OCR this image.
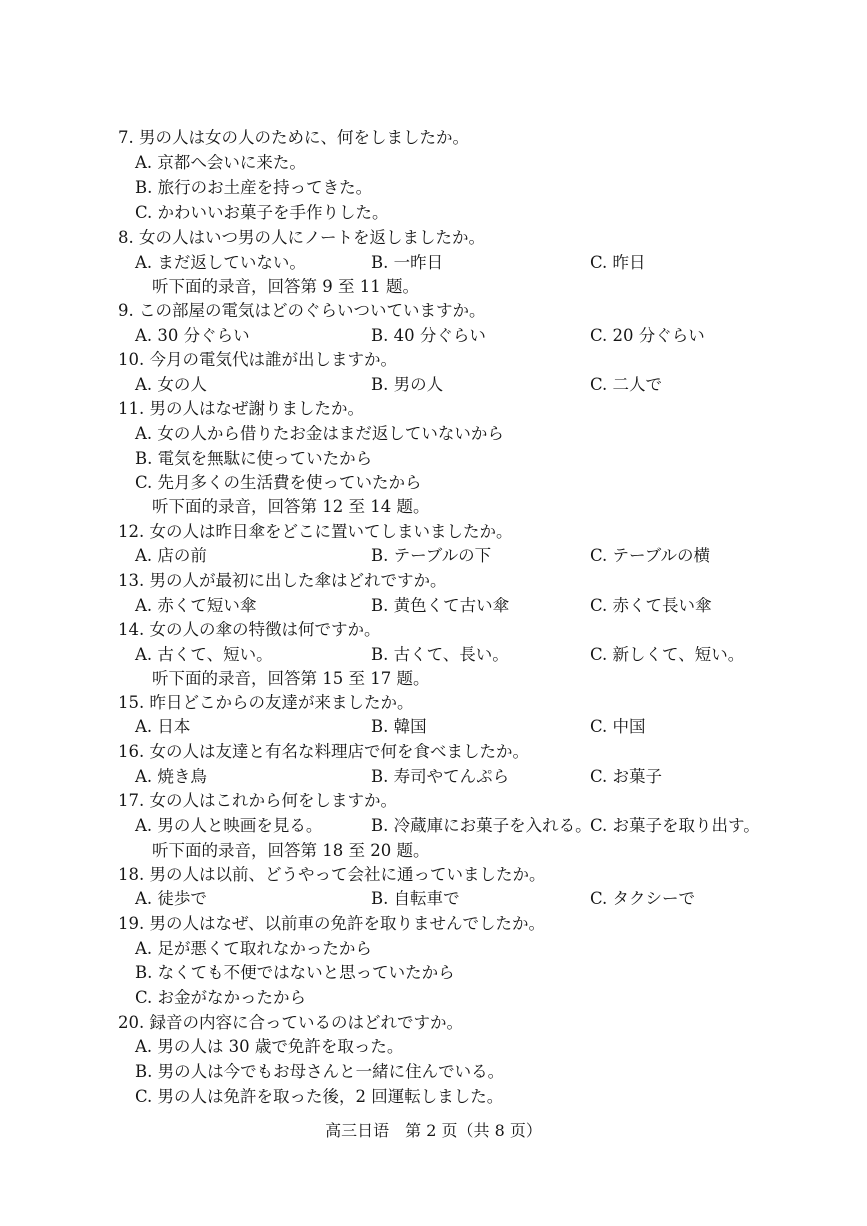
7. 男の人は女の人のために、何をしましたか。
A. 京都へ会いに来た。
B. 旅行のお土産を持ってきた。
C. かわいいお菓子を手作りした。
8. 女の人はいつ男の人にノートを返しましたか。
A. まだ返していない。	B. 一昨日	C. 昨日
听下面的录音，回答第 9 至 11 题。
9. この部屋の電気はどのぐらいついていますか。
A. 30 分ぐらい	B. 40 分ぐらい	C. 20 分ぐらい
10. 今月の電気代は誰が出しますか。
A. 女の人	B. 男の人	C. 二人で
11. 男の人はなぜ謝りましたか。
A. 女の人から借りたお金はまだ返していないから
B. 電気を無駄に使っていたから
C. 先月多くの生活費を使っていたから
听下面的录音，回答第 12 至 14 题。
12. 女の人は昨日傘をどこに置いてしまいましたか。
A. 店の前	B. テーブルの下	C. テーブルの横
13. 男の人が最初に出した傘はどれですか。
A. 赤くて短い傘	B. 黄色くて古い傘	C. 赤くて長い傘
14. 女の人の傘の特徴は何ですか。
A. 古くて、短い。	B. 古くて、長い。	C. 新しくて、短い。
听下面的录音，回答第 15 至 17 题。
15. 昨日どこからの友達が来ましたか。
A. 日本	B. 韓国	C. 中国
16. 女の人は友達と有名な料理店で何を食べましたか。
A. 焼き鳥	B. 寿司やてんぷら	C. お菓子
17. 女の人はこれから何をしますか。
A. 男の人と映画を見る。	B. 冷蔵庫にお菓子を入れる。
C. お菓子を取り出す。
听下面的录音，回答第 18 至 20 题。
18. 男の人は以前、どうやって会社に通っていましたか。
A. 徒歩で	B. 自転車で	C. タクシーで
19. 男の人はなぜ、以前車の免許を取りませんでしたか。
A. 足が悪くて取れなかったから
B. なくても不便ではないと思っていたから
C. お金がなかったから
20. 録音の内容に合っているのはどれですか。
A. 男の人は 30 歳で免許を取った。
B. 男の人は今でもお母さんと一緒に住んでいる。
C. 男の人は免許を取った後，2 回運転しました。
高三日语　第 2 页（共 8 页）
